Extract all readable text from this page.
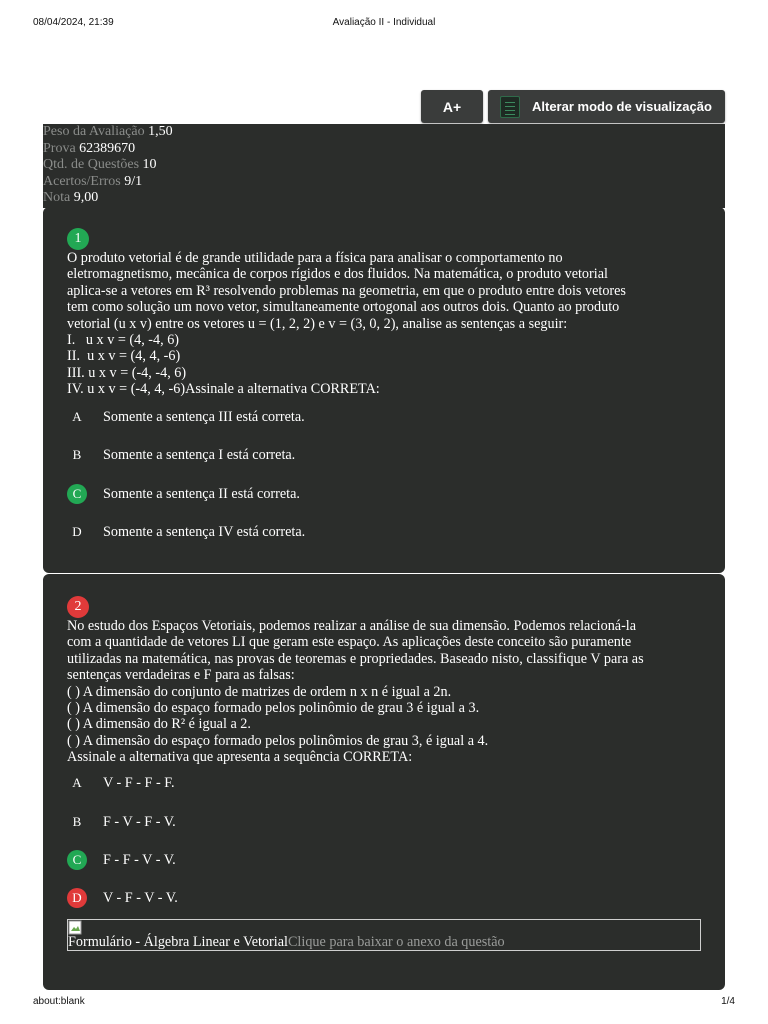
08/04/2024, 21:39	Avaliação II - Individual
A+	Alterar modo de visualização
Peso da Avaliação 1,50
Prova 62389670
Qtd. de Questões 10
Acertos/Erros 9/1
Nota 9,00
1

O produto vetorial é de grande utilidade para a física para analisar o comportamento no

eletromagnetismo, mecânica de corpos rígidos e dos fluidos. Na matemática, o produto vetorial

aplica-se a vetores em R³ resolvendo problemas na geometria, em que o produto entre dois vetores

tem como solução um novo vetor, simultaneamente ortogonal aos outros dois. Quanto ao produto

vetorial (u x v) entre os vetores u = (1, 2, 2) e v = (3, 0, 2), analise as sentenças a seguir:

I.   u x v = (4, -4, 6)

II.  u x v = (4, 4, -6)

III. u x v = (-4, -4, 6)

IV. u x v = (-4, 4, -6)Assinale a alternativa CORRETA:

A	Somente a sentença III está correta.
B	Somente a sentença I está correta.
C	Somente a sentença II está correta.
D	Somente a sentença IV está correta.
2

No estudo dos Espaços Vetoriais, podemos realizar a análise de sua dimensão. Podemos relacioná-la

com a quantidade de vetores LI que geram este espaço. As aplicações deste conceito são puramente

utilizadas na matemática, nas provas de teoremas e propriedades. Baseado nisto, classifique V para as

sentenças verdadeiras e F para as falsas:

( ) A dimensão do conjunto de matrizes de ordem n x n é igual a 2n.

( ) A dimensão do espaço formado pelos polinômio de grau 3 é igual a 3.

( ) A dimensão do R² é igual a 2.

( ) A dimensão do espaço formado pelos polinômios de grau 3, é igual a 4.

Assinale a alternativa que apresenta a sequência CORRETA:

A	V - F - F - F.
B	F - V - F - V.
C	F - F - V - V.
D	V - F - V - V.
Formulário - Álgebra Linear e VetorialClique para baixar o anexo da questão
about:blank	1/4
